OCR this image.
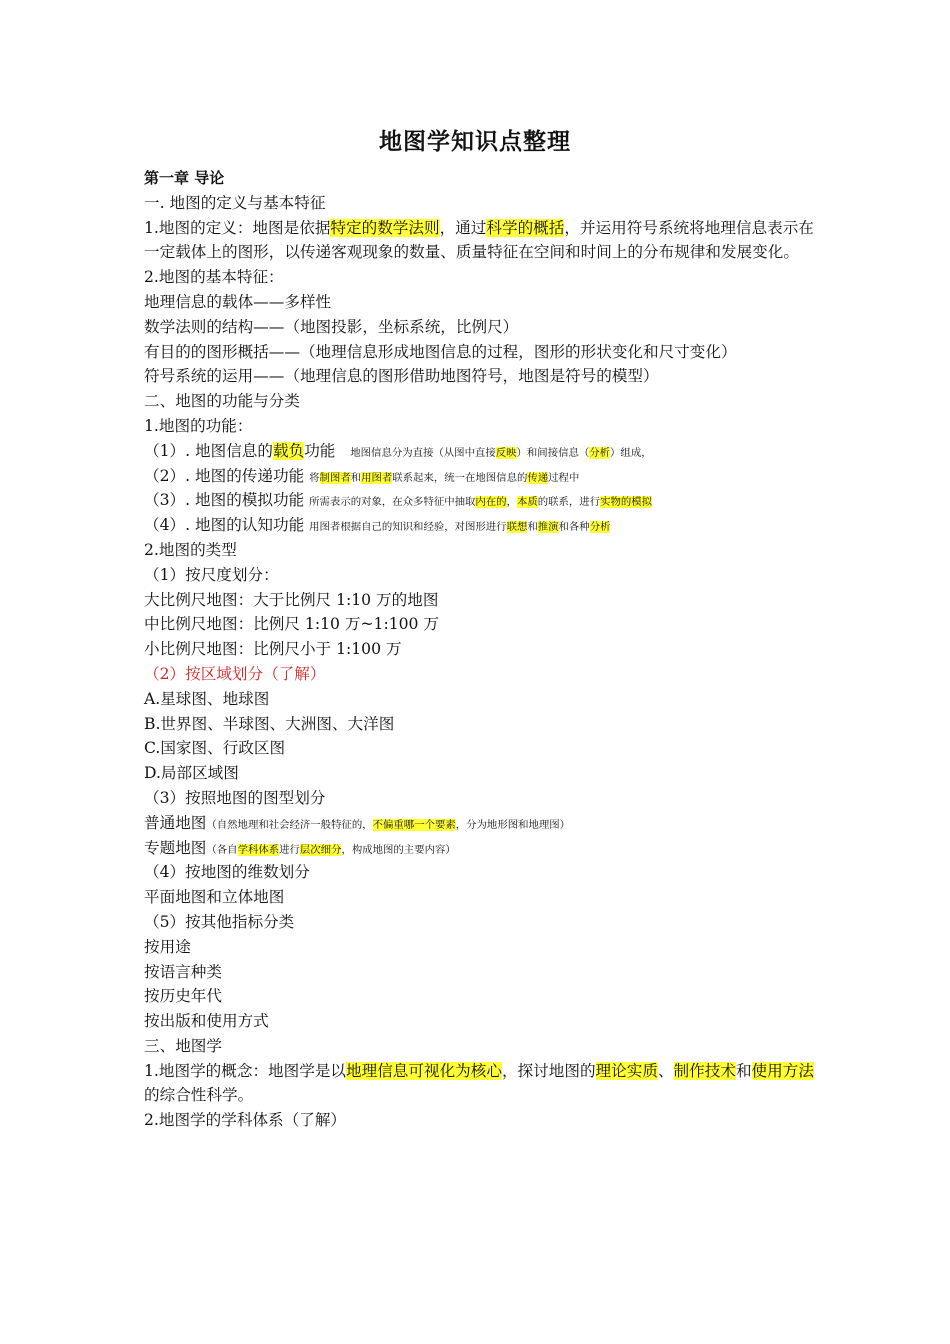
地图学知识点整理
第一章 导论
一. 地图的定义与基本特征
1.地图的定义：地图是依据特定的数学法则，通过科学的概括，并运用符号系统将地理信息表示在一定载体上的图形，以传递客观现象的数量、质量特征在空间和时间上的分布规律和发展变化。
2.地图的基本特征：
地理信息的载体——多样性
数学法则的结构——（地图投影，坐标系统，比例尺）
有目的的图形概括——（地理信息形成地图信息的过程，图形的形状变化和尺寸变化）
符号系统的运用——（地理信息的图形借助地图符号，地图是符号的模型）
二、地图的功能与分类
1.地图的功能：
（1）. 地图信息的载负功能 地图信息分为直接（从图中直接反映）和间接信息（分析）组成，
（2）. 地图的传递功能 将制图者和用图者联系起来，统一在地图信息的传递过程中
（3）. 地图的模拟功能 所需表示的对象，在众多特征中抽取内在的，本质的联系，进行实物的模拟
（4）. 地图的认知功能 用图者根据自己的知识和经验，对图形进行联想和推演和各种分析
2.地图的类型
（1）按尺度划分：
大比例尺地图：大于比例尺 1:10 万的地图
中比例尺地图：比例尺 1:10 万~1:100 万
小比例尺地图：比例尺小于 1:100 万
（2）按区域划分（了解）
A.星球图、地球图
B.世界图、半球图、大洲图、大洋图
C.国家图、行政区图
D.局部区域图
（3）按照地图的图型划分
普通地图（自然地理和社会经济一般特征的，不偏重哪一个要素，分为地形图和地理图）
专题地图（各自学科体系进行层次细分，构成地图的主要内容）
（4）按地图的维数划分
平面地图和立体地图
（5）按其他指标分类
按用途
按语言种类
按历史年代
按出版和使用方式
三、地图学
1.地图学的概念：地图学是以地理信息可视化为核心，探讨地图的理论实质、制作技术和使用方法的综合性科学。
2.地图学的学科体系（了解）
